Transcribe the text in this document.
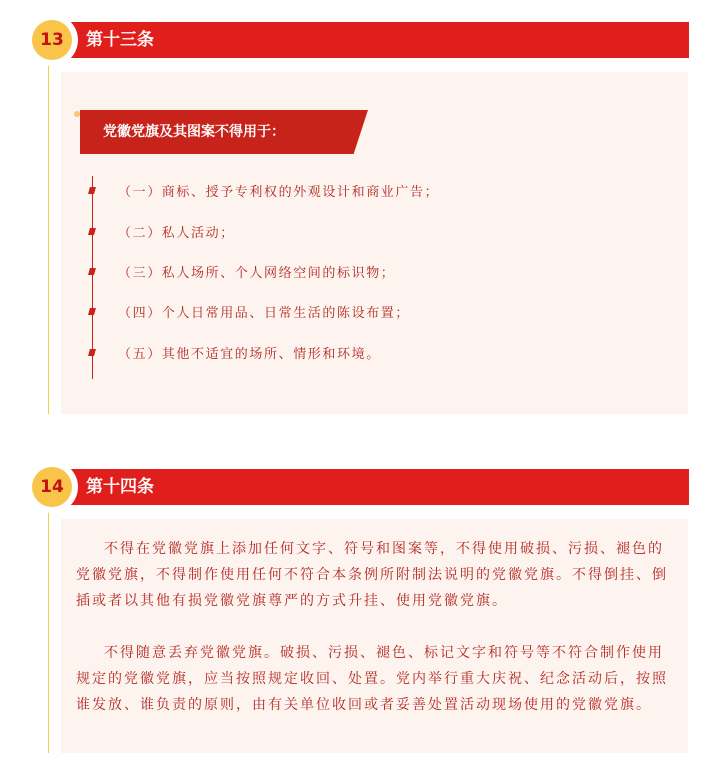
13	第十三条
党徽党旗及其图案不得用于：
（一）商标、授予专利权的外观设计和商业广告；
（二）私人活动；
（三）私人场所、个人网络空间的标识物；
（四）个人日常用品、日常生活的陈设布置；
（五）其他不适宜的场所、情形和环境。
14	第十四条

不得在党徽党旗上添加任何文字、符号和图案等，不得使用破损、污损、褪色的党徽党旗，不得制作使用任何不符合本条例所附制法说明的党徽党旗。不得倒挂、倒插或者以其他有损党徽党旗尊严的方式升挂、使用党徽党旗。

不得随意丢弃党徽党旗。破损、污损、褪色、标记文字和符号等不符合制作使用规定的党徽党旗，应当按照规定收回、处置。党内举行重大庆祝、纪念活动后，按照谁发放、谁负责的原则，由有关单位收回或者妥善处置活动现场使用的党徽党旗。
